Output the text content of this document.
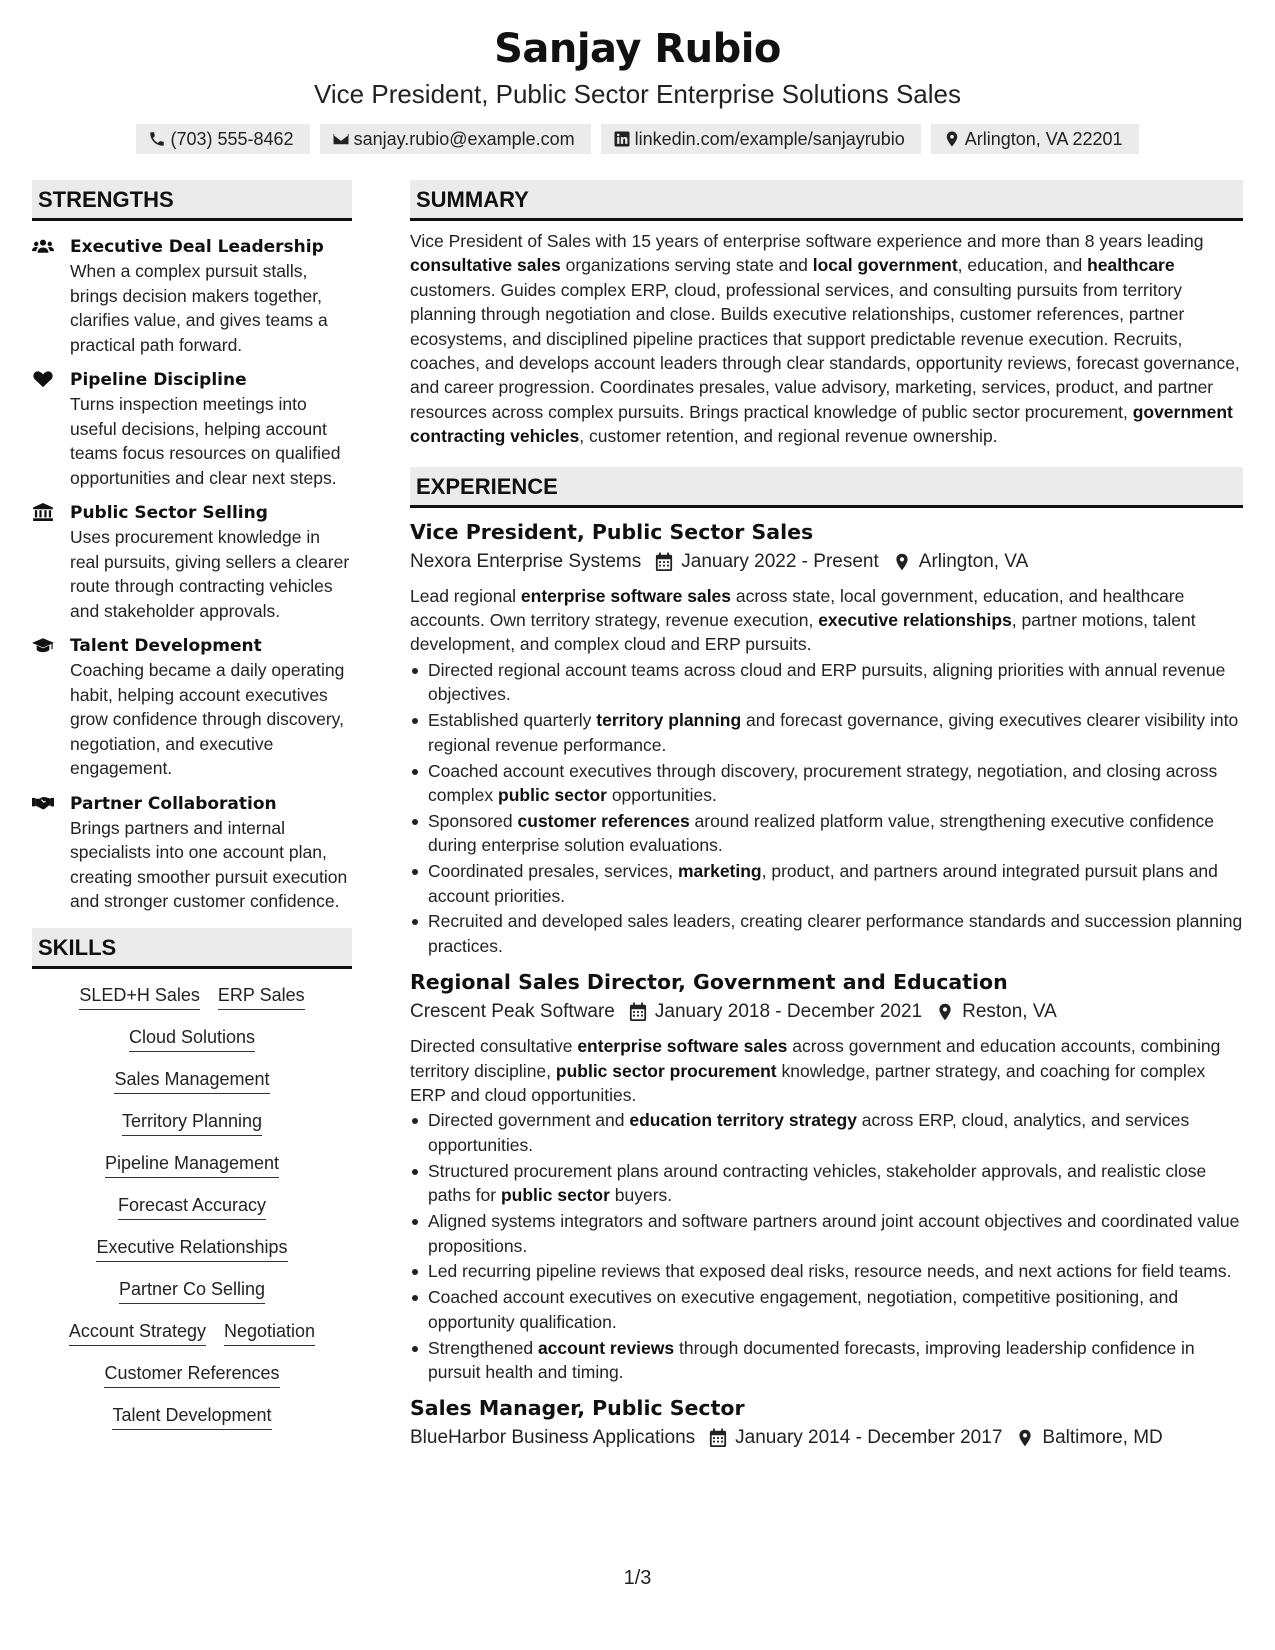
Sanjay Rubio
Vice President, Public Sector Enterprise Solutions Sales
(703) 555-8462	sanjay.rubio@example.com	linkedin.com/example/sanjayrubio	Arlington, VA 22201
STRENGTHS
Executive Deal Leadership
When a complex pursuit stalls, brings decision makers together, clarifies value, and gives teams a practical path forward.
Pipeline Discipline
Turns inspection meetings into useful decisions, helping account teams focus resources on qualified opportunities and clear next steps.
Public Sector Selling
Uses procurement knowledge in real pursuits, giving sellers a clearer route through contracting vehicles and stakeholder approvals.
Talent Development
Coaching became a daily operating habit, helping account executives grow confidence through discovery, negotiation, and executive engagement.
Partner Collaboration
Brings partners and internal specialists into one account plan, creating smoother pursuit execution and stronger customer confidence.
SKILLS
SLED+H Sales ERP Sales
Cloud Solutions
Sales Management
Territory Planning
Pipeline Management
Forecast Accuracy
Executive Relationships
Partner Co Selling
Account Strategy Negotiation
Customer References
Talent Development
SUMMARY

Vice President of Sales with 15 years of enterprise software experience and more than 8 years leading consultative sales organizations serving state and local government, education, and healthcare customers. Guides complex ERP, cloud, professional services, and consulting pursuits from territory planning through negotiation and close. Builds executive relationships, customer references, partner ecosystems, and disciplined pipeline practices that support predictable revenue execution. Recruits, coaches, and develops account leaders through clear standards, opportunity reviews, forecast governance, and career progression. Coordinates presales, value advisory, marketing, services, product, and partner resources across complex pursuits. Brings practical knowledge of public sector procurement, government contracting vehicles, customer retention, and regional revenue ownership.

EXPERIENCE
Vice President, Public Sector Sales
Nexora Enterprise Systems January 2022 - Present Arlington, VA

Lead regional enterprise software sales across state, local government, education, and healthcare accounts. Own territory strategy, revenue execution, executive relationships, partner motions, talent development, and complex cloud and ERP pursuits.

Directed regional account teams across cloud and ERP pursuits, aligning priorities with annual revenue objectives.
Established quarterly territory planning and forecast governance, giving executives clearer visibility into regional revenue performance.
Coached account executives through discovery, procurement strategy, negotiation, and closing across complex public sector opportunities.
Sponsored customer references around realized platform value, strengthening executive confidence during enterprise solution evaluations.
Coordinated presales, services, marketing, product, and partners around integrated pursuit plans and account priorities.
Recruited and developed sales leaders, creating clearer performance standards and succession planning practices.
Regional Sales Director, Government and Education
Crescent Peak Software January 2018 - December 2021 Reston, VA

Directed consultative enterprise software sales across government and education accounts, combining territory discipline, public sector procurement knowledge, partner strategy, and coaching for complex ERP and cloud opportunities.

Directed government and education territory strategy across ERP, cloud, analytics, and services opportunities.
Structured procurement plans around contracting vehicles, stakeholder approvals, and realistic close paths for public sector buyers.
Aligned systems integrators and software partners around joint account objectives and coordinated value propositions.
Led recurring pipeline reviews that exposed deal risks, resource needs, and next actions for field teams.
Coached account executives on executive engagement, negotiation, competitive positioning, and opportunity qualification.
Strengthened account reviews through documented forecasts, improving leadership confidence in pursuit health and timing.
Sales Manager, Public Sector
BlueHarbor Business Applications January 2014 - December 2017 Baltimore, MD
1/3
